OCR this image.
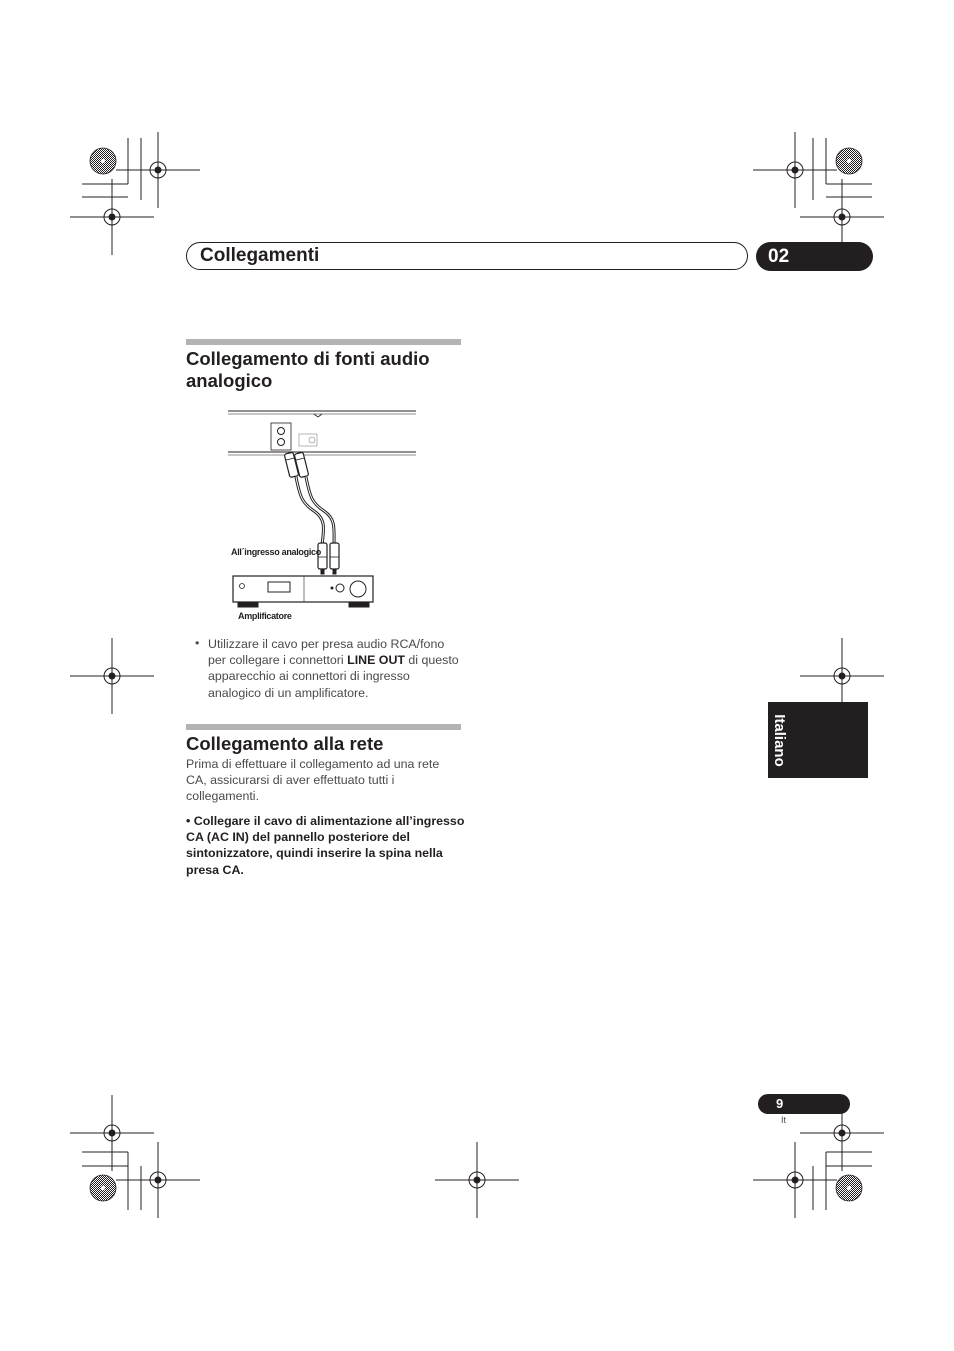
Collegamenti	02
Collegamento di fonti audio analogico
All´ingresso analogico
Amplificatore
• Utilizzare il cavo per presa audio RCA/fono per collegare i connettori LINE OUT di questo apparecchio ai connettori di ingresso analogico di un amplificatore.
Collegamento alla rete
Prima di effettuare il collegamento ad una rete CA, assicurarsi di aver effettuato tutti i collegamenti.
• Collegare il cavo di alimentazione all’ingresso CA (AC IN) del pannello posteriore del sintonizzatore, quindi inserire la spina nella presa CA.
Italiano
9
It
